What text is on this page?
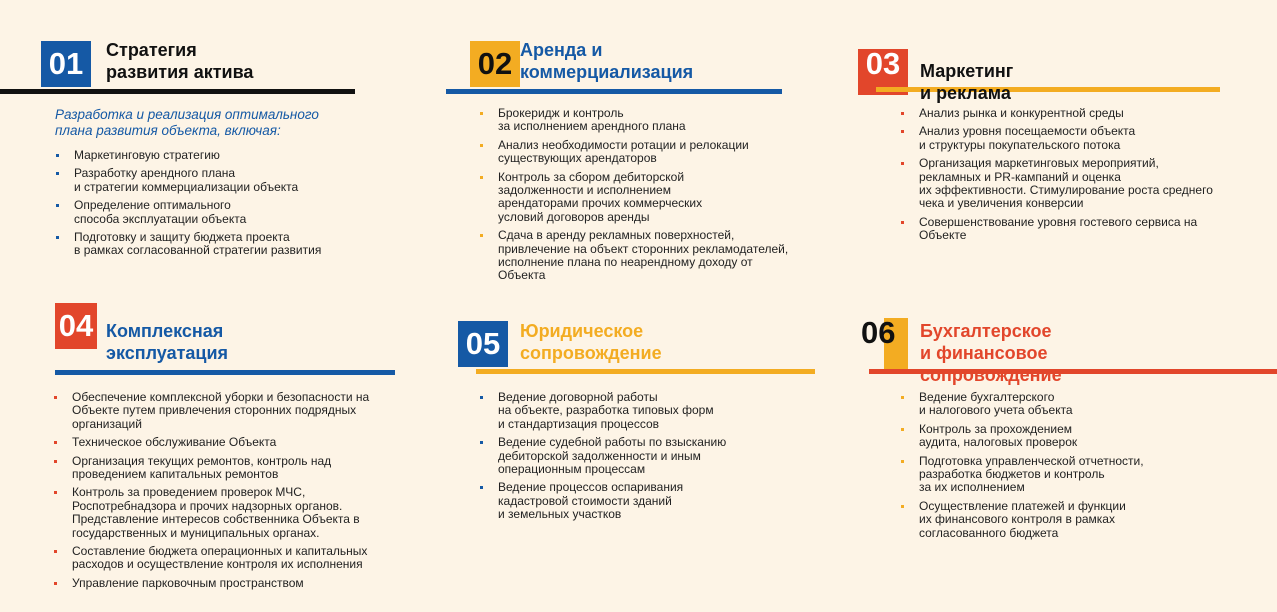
01	Стратегия
развития актива

Разработка и реализация оптимального
плана развития объекта, включая:

Маркетинговую стратегию
Разработку арендного плана
и стратегии коммерциализации объекта
Определение оптимального
способа эксплуатации объекта
Подготовку и защиту бюджета проекта
в рамках согласованной стратегии развития
02 Аренда и
коммерциализация
Брокеридж и контроль
за исполнением арендного плана
Анализ необходимости ротации и релокации
существующих арендаторов
Контроль за сбором дебиторской
задолженности и исполнением
арендаторами прочих коммерческих
условий договоров аренды
Сдача в аренду рекламных поверхностей,
привлечение на объект сторонних рекламодателей,
исполнение плана по неарендному доходу от
Объекта
03	Маркетинг и реклама
Анализ рынка и конкурентной среды
Анализ уровня посещаемости объекта
и структуры покупательского потока
Организация маркетинговых мероприятий,
рекламных и PR-кампаний и оценка
их эффективности. Стимулирование роста среднего
чека и увеличения конверсии
Совершенствование уровня гостевого сервиса на
Объекте
04 Комплексная
эксплуатация
Обеспечение комплексной уборки и безопасности на
Объекте путем привлечения сторонних подрядных
организаций
Техническое обслуживание Объекта
Организация текущих ремонтов, контроль над
проведением капитальных ремонтов
Контроль за проведением проверок МЧС,
Роспотребнадзора и прочих надзорных органов.
Представление интересов собственника Объекта в
государственных и муниципальных органах.
Составление бюджета операционных и капитальных
расходов и осуществление контроля их исполнения
Управление парковочным пространством
05	Юридическое
сопровождение
Ведение договорной работы
на объекте, разработка типовых форм
и стандартизация процессов
Ведение судебной работы по взысканию
дебиторской задолженности и иным
операционным процессам
Ведение процессов оспаривания
кадастровой стоимости зданий
и земельных участков
06	Бухгалтерское и финансовое
сопровождение
Ведение бухгалтерского
и налогового учета объекта
Контроль за прохождением
аудита, налоговых проверок
Подготовка управленческой отчетности,
разработка бюджетов и контроль
за их исполнением
Осуществление платежей и функции
их финансового контроля в рамках
согласованного бюджета
